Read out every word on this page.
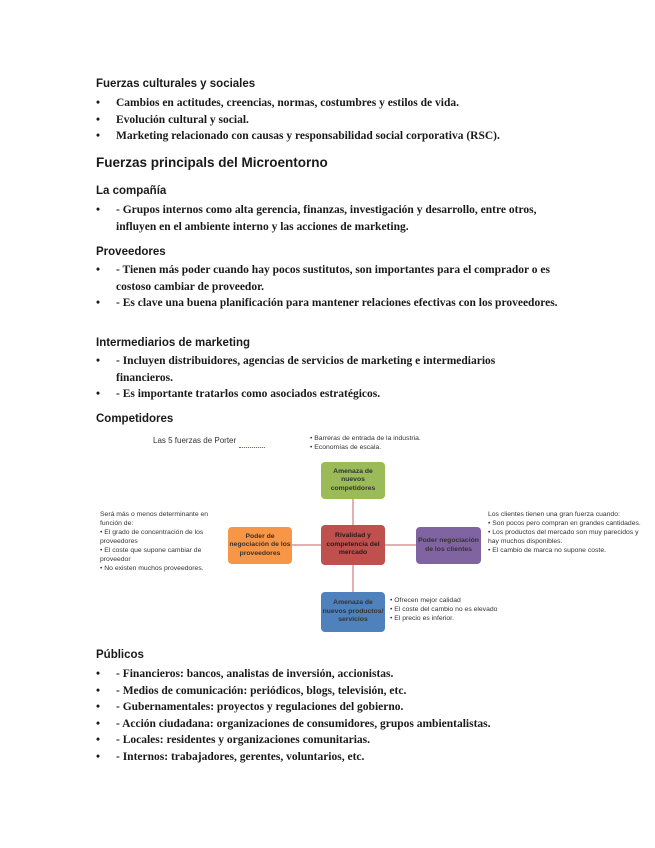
Fuerzas culturales y sociales
• Cambios en actitudes, creencias, normas, costumbres y estilos de vida.
• Evolución cultural y social.
• Marketing relacionado con causas y responsabilidad social corporativa (RSC).
Fuerzas principals del Microentorno
La compañía
• - Grupos internos como alta gerencia, finanzas, investigación y desarrollo, entre otros, influyen en el ambiente interno y las acciones de marketing.
Proveedores
• - Tienen más poder cuando hay pocos sustitutos, son importantes para el comprador o es costoso cambiar de proveedor.
• - Es clave una buena planificación para mantener relaciones efectivas con los proveedores.
Intermediarios de marketing
• - Incluyen distribuidores, agencias de servicios de marketing e intermediarios financieros.
• - Es importante tratarlos como asociados estratégicos.
Competidores
Las 5 fuerzas de Porter	• Barreras de entrada de la industria.
• Economías de escala.
Amenaza de nuevos competidores
Será más o menos determinante en función de:
• El grado de concentración de los proveedores
• El coste que supone cambiar de proveedor
• No existen muchos proveedores.
Poder de negociación de los proveedores
Rivalidad y competencia del mercado
Poder negociación de los clientes
Los clientes tienen una gran fuerza cuando:
• Son pocos pero compran en grandes cantidades.
• Los productos del mercado son muy parecidos y hay muchos disponibles.
• El cambio de marca no supone coste.
Amenaza de nuevos productos/ servicios
• Ofrecen mejor calidad
• El coste del cambio no es elevado
• El precio es inferior.
Públicos
• - Financieros: bancos, analistas de inversión, accionistas.
• - Medios de comunicación: periódicos, blogs, televisión, etc.
• - Gubernamentales: proyectos y regulaciones del gobierno.
• - Acción ciudadana: organizaciones de consumidores, grupos ambientalistas.
• - Locales: residentes y organizaciones comunitarias.
• - Internos: trabajadores, gerentes, voluntarios, etc.
